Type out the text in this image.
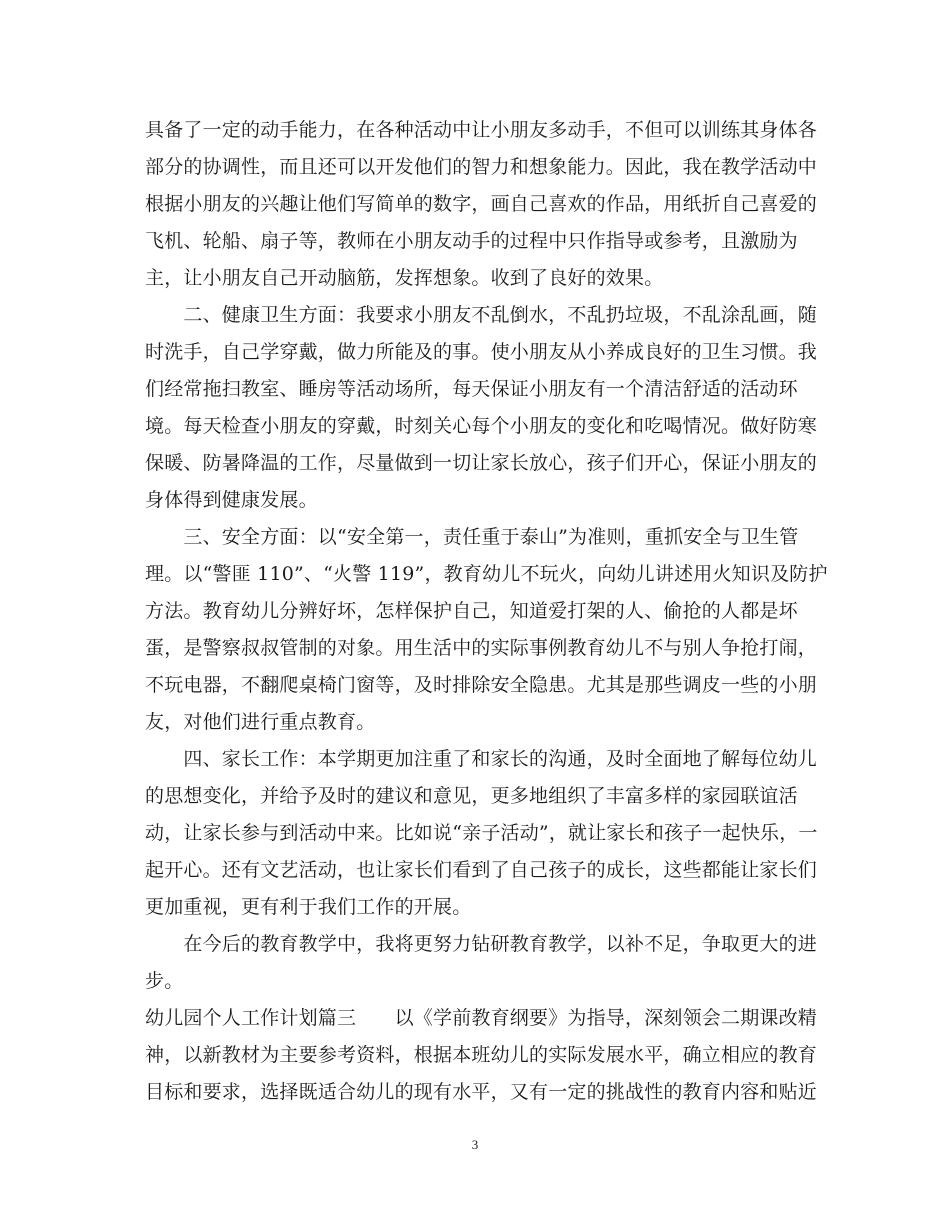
具备了一定的动手能力，在各种活动中让小朋友多动手，不但可以训练其身体各
部分的协调性，而且还可以开发他们的智力和想象能力。因此，我在教学活动中
根据小朋友的兴趣让他们写简单的数字，画自己喜欢的作品，用纸折自己喜爱的
飞机、轮船、扇子等，教师在小朋友动手的过程中只作指导或参考，且激励为
主，让小朋友自己开动脑筋，发挥想象。收到了良好的效果。
　　二、健康卫生方面：我要求小朋友不乱倒水，不乱扔垃圾，不乱涂乱画，随
时洗手，自己学穿戴，做力所能及的事。使小朋友从小养成良好的卫生习惯。我
们经常拖扫教室、睡房等活动场所，每天保证小朋友有一个清洁舒适的活动环
境。每天检查小朋友的穿戴，时刻关心每个小朋友的变化和吃喝情况。做好防寒
保暖、防暑降温的工作，尽量做到一切让家长放心，孩子们开心，保证小朋友的
身体得到健康发展。
　　三、安全方面：以“安全第一，责任重于泰山”为准则，重抓安全与卫生管
理。以“警匪 110”、“火警 119”，教育幼儿不玩火，向幼儿讲述用火知识及防护
方法。教育幼儿分辨好坏，怎样保护自己，知道爱打架的人、偷抢的人都是坏
蛋，是警察叔叔管制的对象。用生活中的实际事例教育幼儿不与别人争抢打闹，
不玩电器，不翻爬桌椅门窗等，及时排除安全隐患。尤其是那些调皮一些的小朋
友，对他们进行重点教育。
　　四、家长工作：本学期更加注重了和家长的沟通，及时全面地了解每位幼儿
的思想变化，并给予及时的建议和意见，更多地组织了丰富多样的家园联谊活
动，让家长参与到活动中来。比如说“亲子活动”，就让家长和孩子一起快乐，一
起开心。还有文艺活动，也让家长们看到了自己孩子的成长，这些都能让家长们
更加重视，更有利于我们工作的开展。
　　在今后的教育教学中，我将更努力钻研教育教学，以补不足，争取更大的进
步。
幼儿园个人工作计划篇三　　以《学前教育纲要》为指导，深刻领会二期课改精
神，以新教材为主要参考资料，根据本班幼儿的实际发展水平，确立相应的教育
目标和要求，选择既适合幼儿的现有水平，又有一定的挑战性的教育内容和贴近
3
